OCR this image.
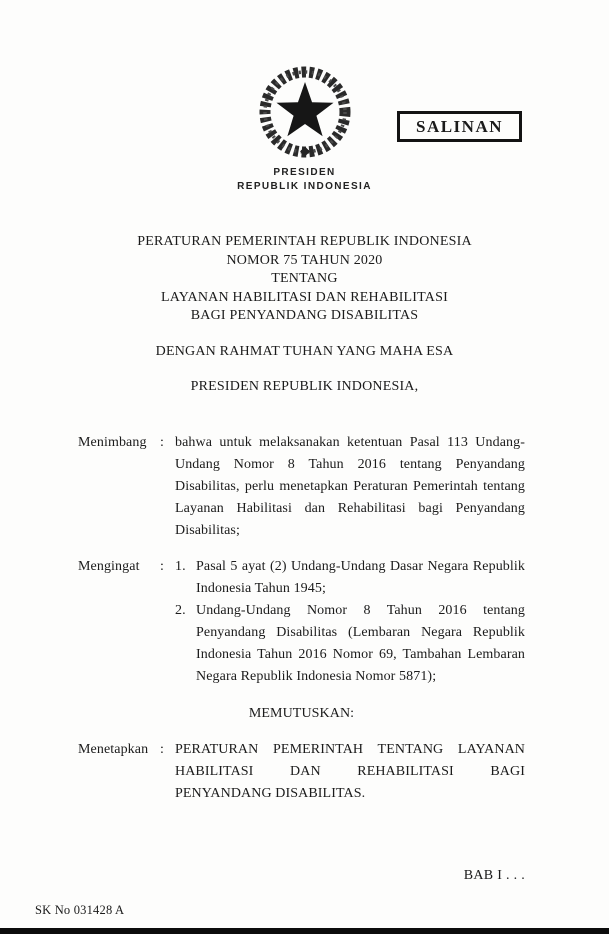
SALINAN
PRESIDEN
REPUBLIK INDONESIA
PERATURAN PEMERINTAH REPUBLIK INDONESIA
NOMOR 75 TAHUN 2020
TENTANG
LAYANAN HABILITASI DAN REHABILITASI
BAGI PENYANDANG DISABILITAS
DENGAN RAHMAT TUHAN YANG MAHA ESA
PRESIDEN REPUBLIK INDONESIA,
Menimbang : bahwa untuk melaksanakan ketentuan Pasal 113 Undang-Undang Nomor 8 Tahun 2016 tentang Penyandang Disabilitas, perlu menetapkan Peraturan Pemerintah tentang Layanan Habilitasi dan Rehabilitasi bagi Penyandang Disabilitas;
Mengingat	: 1. Pasal 5 ayat (2) Undang-Undang Dasar Negara Republik Indonesia Tahun 1945;
2. Undang-Undang Nomor 8 Tahun 2016 tentang Penyandang Disabilitas (Lembaran Negara Republik Indonesia Tahun 2016 Nomor 69, Tambahan Lembaran Negara Republik Indonesia Nomor 5871);
MEMUTUSKAN:
Menetapkan : PERATURAN PEMERINTAH TENTANG LAYANAN HABILITASI DAN REHABILITASI BAGI PENYANDANG DISABILITAS.
BAB I . . .
SK No 031428 A
